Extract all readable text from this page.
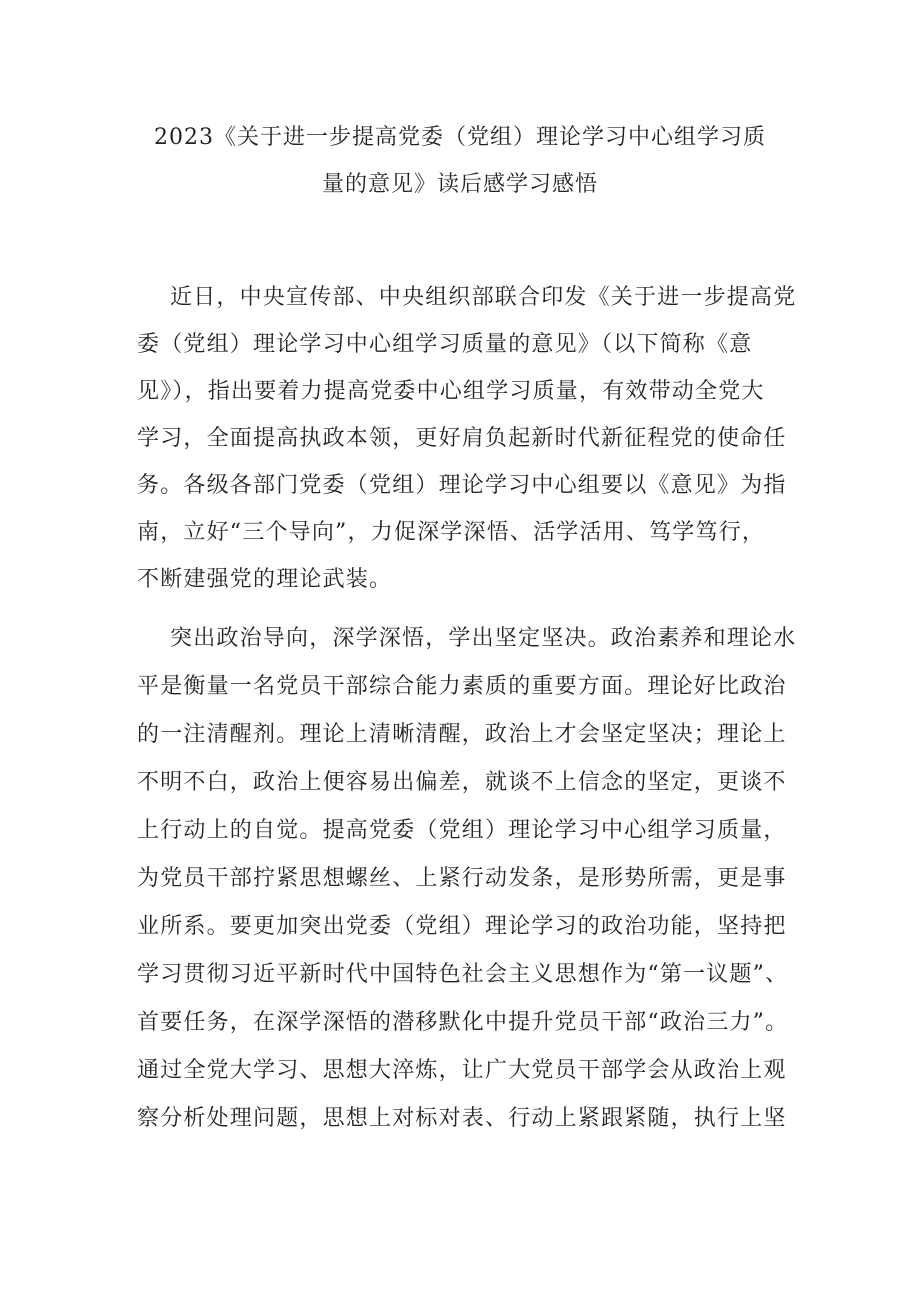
2023《关于进一步提高党委（党组）理论学习中心组学习质
量的意见》读后感学习感悟
近日，中央宣传部、中央组织部联合印发《关于进一步提高党
委（党组）理论学习中心组学习质量的意见》（以下简称《意
见》），指出要着力提高党委中心组学习质量，有效带动全党大
学习，全面提高执政本领，更好肩负起新时代新征程党的使命任
务。各级各部门党委（党组）理论学习中心组要以《意见》为指
南，立好“三个导向”，力促深学深悟、活学活用、笃学笃行，
不断建强党的理论武装。
突出政治导向，深学深悟，学出坚定坚决。政治素养和理论水
平是衡量一名党员干部综合能力素质的重要方面。理论好比政治
的一注清醒剂。理论上清晰清醒，政治上才会坚定坚决；理论上
不明不白，政治上便容易出偏差，就谈不上信念的坚定，更谈不
上行动上的自觉。提高党委（党组）理论学习中心组学习质量，
为党员干部拧紧思想螺丝、上紧行动发条，是形势所需，更是事
业所系。要更加突出党委（党组）理论学习的政治功能，坚持把
学习贯彻习近平新时代中国特色社会主义思想作为“第一议题”、
首要任务，在深学深悟的潜移默化中提升党员干部“政治三力”。
通过全党大学习、思想大淬炼，让广大党员干部学会从政治上观
察分析处理问题，思想上对标对表、行动上紧跟紧随，执行上坚
